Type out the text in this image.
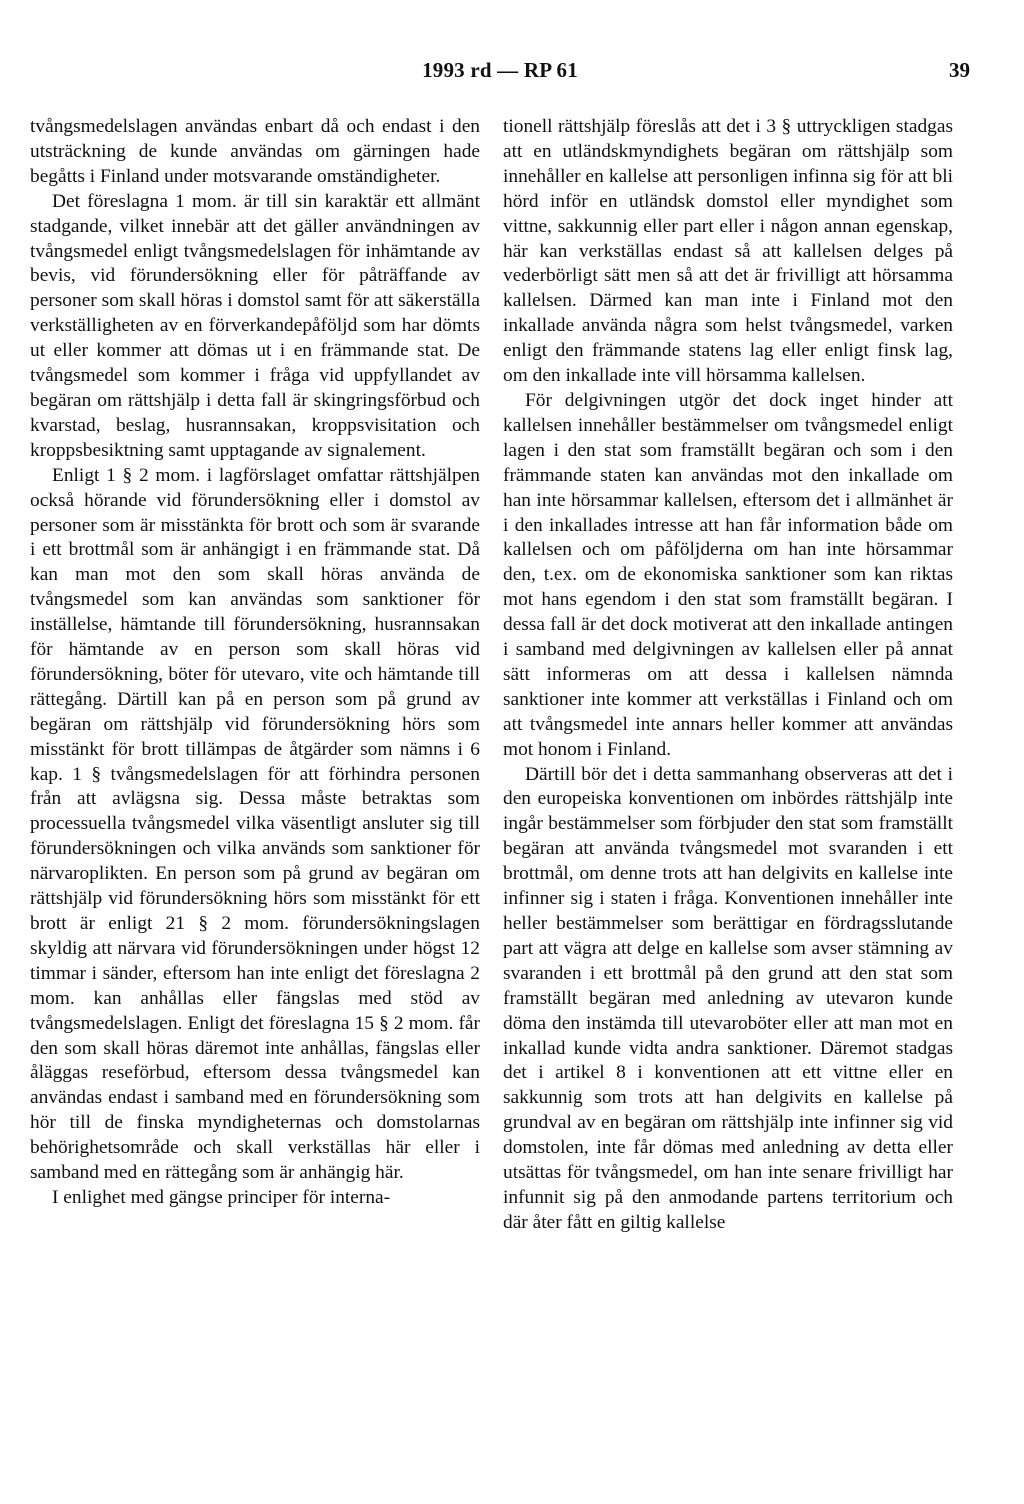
1993 rd — RP 61	39

tvångsmedelslagen användas enbart då och endast i den utsträckning de kunde användas om gärningen hade begåtts i Finland under motsvarande omständigheter.

Det föreslagna 1 mom. är till sin karaktär ett allmänt stadgande, vilket innebär att det gäller användningen av tvångsmedel enligt tvångsmedelslagen för inhämtande av bevis, vid förundersökning eller för påträffande av personer som skall höras i domstol samt för att säkerställa verkställigheten av en förverkandepåföljd som har dömts ut eller kommer att dömas ut i en främmande stat. De tvångsmedel som kommer i fråga vid uppfyllandet av begäran om rättshjälp i detta fall är skingringsförbud och kvarstad, beslag, husrannsakan, kroppsvisitation och kroppsbesiktning samt upptagande av signalement.

Enligt 1 § 2 mom. i lagförslaget omfattar rättshjälpen också hörande vid förundersökning eller i domstol av personer som är misstänkta för brott och som är svarande i ett brottmål som är anhängigt i en främmande stat. Då kan man mot den som skall höras använda de tvångsmedel som kan användas som sanktioner för inställelse, hämtande till förundersökning, husrannsakan för hämtande av en person som skall höras vid förundersökning, böter för utevaro, vite och hämtande till rättegång. Därtill kan på en person som på grund av begäran om rättshjälp vid förundersökning hörs som misstänkt för brott tillämpas de åtgärder som nämns i 6 kap. 1 § tvångsmedelslagen för att förhindra personen från att avlägsna sig. Dessa måste betraktas som processuella tvångsmedel vilka väsentligt ansluter sig till förundersökningen och vilka används som sanktioner för närvaroplikten. En person som på grund av begäran om rättshjälp vid förundersökning hörs som misstänkt för ett brott är enligt 21 § 2 mom. förundersökningslagen skyldig att närvara vid förundersökningen under högst 12 timmar i sänder, eftersom han inte enligt det föreslagna 2 mom. kan anhållas eller fängslas med stöd av tvångsmedelslagen. Enligt det föreslagna 15 § 2 mom. får den som skall höras däremot inte anhållas, fängslas eller åläggas reseförbud, eftersom dessa tvångsmedel kan användas endast i samband med en förundersökning som hör till de finska myndigheternas och domstolarnas behörighetsområde och skall verkställas här eller i samband med en rättegång som är anhängig här.

I enlighet med gängse principer för interna-

tionell rättshjälp föreslås att det i 3 § uttryckligen stadgas att en utländskmyndighets begäran om rättshjälp som innehåller en kallelse att personligen infinna sig för att bli hörd inför en utländsk domstol eller myndighet som vittne, sakkunnig eller part eller i någon annan egenskap, här kan verkställas endast så att kallelsen delges på vederbörligt sätt men så att det är frivilligt att hörsamma kallelsen. Därmed kan man inte i Finland mot den inkallade använda några som helst tvångsmedel, varken enligt den främmande statens lag eller enligt finsk lag, om den inkallade inte vill hörsamma kallelsen.

För delgivningen utgör det dock inget hinder att kallelsen innehåller bestämmelser om tvångsmedel enligt lagen i den stat som framställt begäran och som i den främmande staten kan användas mot den inkallade om han inte hörsammar kallelsen, eftersom det i allmänhet är i den inkallades intresse att han får information både om kallelsen och om påföljderna om han inte hörsammar den, t.ex. om de ekonomiska sanktioner som kan riktas mot hans egendom i den stat som framställt begäran. I dessa fall är det dock motiverat att den inkallade antingen i samband med delgivningen av kallelsen eller på annat sätt informeras om att dessa i kallelsen nämnda sanktioner inte kommer att verkställas i Finland och om att tvångsmedel inte annars heller kommer att användas mot honom i Finland.

Därtill bör det i detta sammanhang observeras att det i den europeiska konventionen om inbördes rättshjälp inte ingår bestämmelser som förbjuder den stat som framställt begäran att använda tvångsmedel mot svaranden i ett brottmål, om denne trots att han delgivits en kallelse inte infinner sig i staten i fråga. Konventionen innehåller inte heller bestämmelser som berättigar en fördragsslutande part att vägra att delge en kallelse som avser stämning av svaranden i ett brottmål på den grund att den stat som framställt begäran med anledning av utevaron kunde döma den instämda till utevaroböter eller att man mot en inkallad kunde vidta andra sanktioner. Däremot stadgas det i artikel 8 i konventionen att ett vittne eller en sakkunnig som trots att han delgivits en kallelse på grundval av en begäran om rättshjälp inte infinner sig vid domstolen, inte får dömas med anledning av detta eller utsättas för tvångsmedel, om han inte senare frivilligt har infunnit sig på den anmodande partens territorium och där åter fått en giltig kallelse
